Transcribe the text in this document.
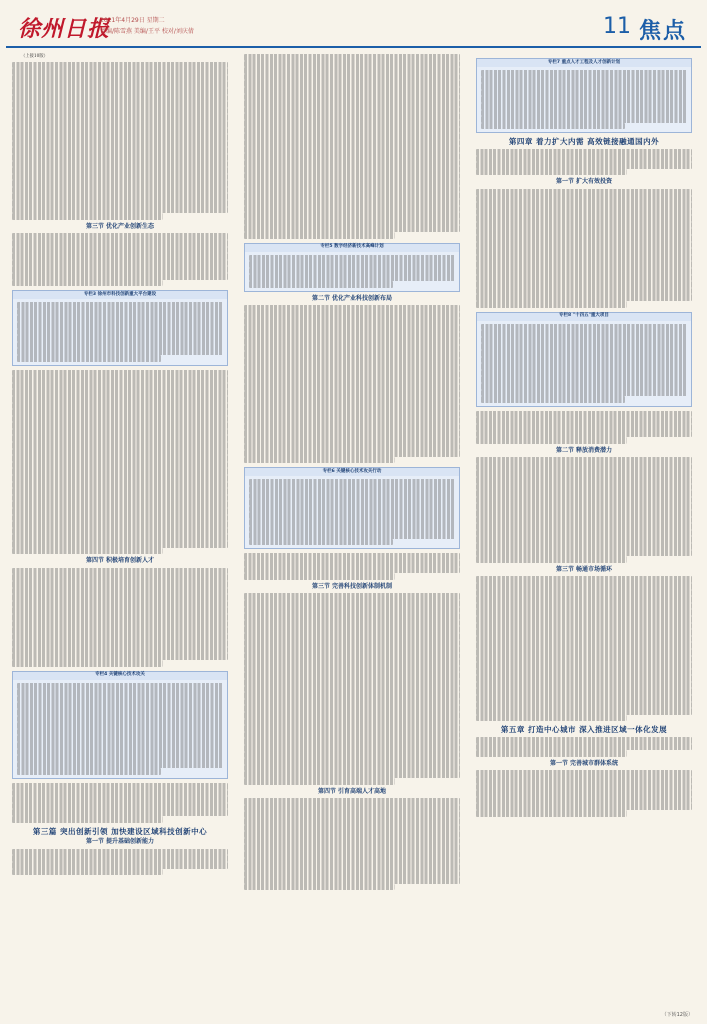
徐州日报
2021年4月29日 星期二
责编/陈雪燕 美编/王平 校对/刘庆倩	11 焦点

（上接10版）

第三节 优化产业创新生态
专栏3 徐州市科技创新重大平台建设
第四节 积极培育创新人才
专栏4 关键核心技术攻关
第三篇 突出创新引领 加快建设区域科技创新中心
第一节 提升基础创新能力
专栏5 数字经济新技术高峰计划
第二节 优化产业科技创新布局
专栏6 关键核心技术攻关行动
第三节 完善科技创新体制机制
第四节 引育高端人才高地
专栏7 重点人才工程及人才创新计划
第四章 着力扩大内需 高效链接融通国内外
第一节 扩大有效投资
专栏8 "十四五"重大项目
第二节 释放消费潜力
第三节 畅通市场循环
第五章 打造中心城市 深入推进区域一体化发展
第一节 完善城市群体系统
（下转12版）
